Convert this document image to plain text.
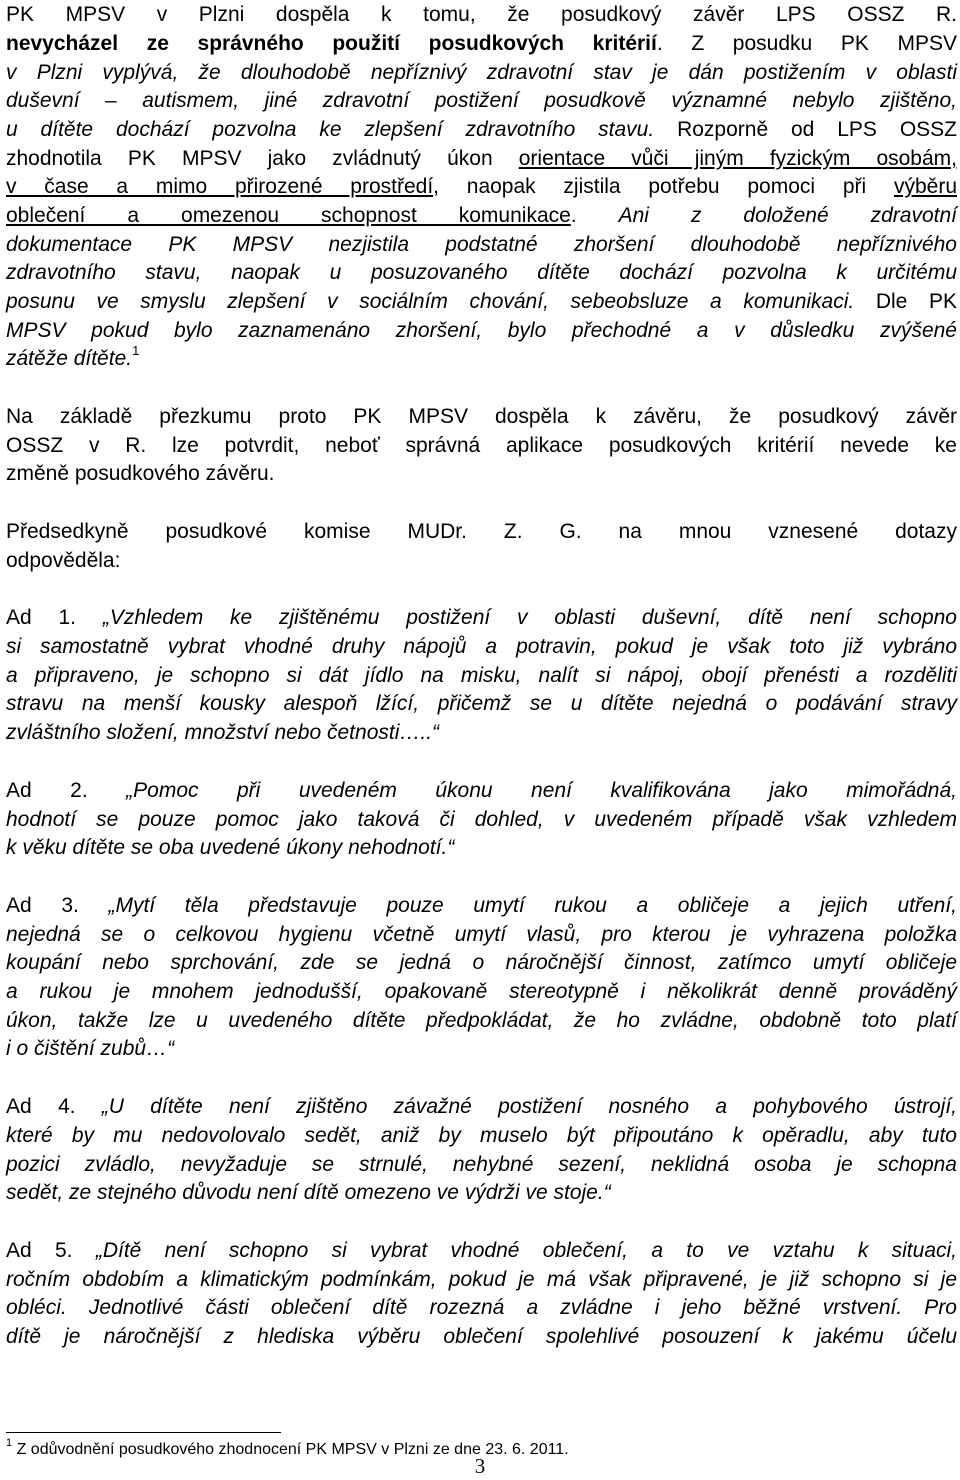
PK MPSV v Plzni dospěla k tomu, že posudkový závěr LPS OSSZ R.
nevycházel ze správného použití posudkových kritérií. Z posudku PK MPSV
v Plzni vyplývá, že dlouhodobě nepříznivý zdravotní stav je dán postižením v oblasti
duševní – autismem, jiné zdravotní postižení posudkově významné nebylo zjištěno,
u dítěte dochází pozvolna ke zlepšení zdravotního stavu. Rozporně od LPS OSSZ
zhodnotila PK MPSV jako zvládnutý úkon orientace vůči jiným fyzickým osobám,
v čase a mimo přirozené prostředí, naopak zjistila potřebu pomoci při výběru
oblečení a omezenou schopnost komunikace. Ani z doložené zdravotní
dokumentace PK MPSV nezjistila podstatné zhoršení dlouhodobě nepříznivého
zdravotního stavu, naopak u posuzovaného dítěte dochází pozvolna k určitému
posunu ve smyslu zlepšení v sociálním chování, sebeobsluze a komunikaci. Dle PK
MPSV pokud bylo zaznamenáno zhoršení, bylo přechodné a v důsledku zvýšené
zátěže dítěte.$^1$
Na základě přezkumu proto PK MPSV dospěla k závěru, že posudkový závěr
OSSZ v R. lze potvrdit, neboť správná aplikace posudkových kritérií nevede ke
změně posudkového závěru.
Předsedkyně posudkové komise MUDr. Z. G. na mnou vznesené dotazy
odpověděla:
Ad 1. „Vzhledem ke zjištěnému postižení v oblasti duševní, dítě není schopno
si samostatně vybrat vhodné druhy nápojů a potravin, pokud je však toto již vybráno
a připraveno, je schopno si dát jídlo na misku, nalít si nápoj, obojí přenésti a rozděliti
stravu na menší kousky alespoň lžící, přičemž se u dítěte nejedná o podávání stravy
zvláštního složení, množství nebo četnosti…..“
Ad 2. „Pomoc při uvedeném úkonu není kvalifikována jako mimořádná,
hodnotí se pouze pomoc jako taková či dohled, v uvedeném případě však vzhledem
k věku dítěte se oba uvedené úkony nehodnotí.“
Ad 3. „Mytí těla představuje pouze umytí rukou a obličeje a jejich utření,
nejedná se o celkovou hygienu včetně umytí vlasů, pro kterou je vyhrazena položka
koupání nebo sprchování, zde se jedná o náročnější činnost, zatímco umytí obličeje
a rukou je mnohem jednodušší, opakovaně stereotypně i několikrát denně prováděný
úkon, takže lze u uvedeného dítěte předpokládat, že ho zvládne, obdobně toto platí
i o čištění zubů…“
Ad 4. „U dítěte není zjištěno závažné postižení nosného a pohybového ústrojí,
které by mu nedovolovalo sedět, aniž by muselo být připoutáno k opěradlu, aby tuto
pozici zvládlo, nevyžaduje se strnulé, nehybné sezení, neklidná osoba je schopna
sedět, ze stejného důvodu není dítě omezeno ve výdrži ve stoje.“
Ad 5. „Dítě není schopno si vybrat vhodné oblečení, a to ve vztahu k situaci,
ročním obdobím a klimatickým podmínkám, pokud je má však připravené, je již schopno si je
obléci. Jednotlivé části oblečení dítě rozezná a zvládne i jeho běžné vrstvení. Pro
dítě je náročnější z hlediska výběru oblečení spolehlivé posouzení k jakému účelu
$^1$ Z odůvodnění posudkového zhodnocení PK MPSV v Plzni ze dne 23. 6. 2011.
3
